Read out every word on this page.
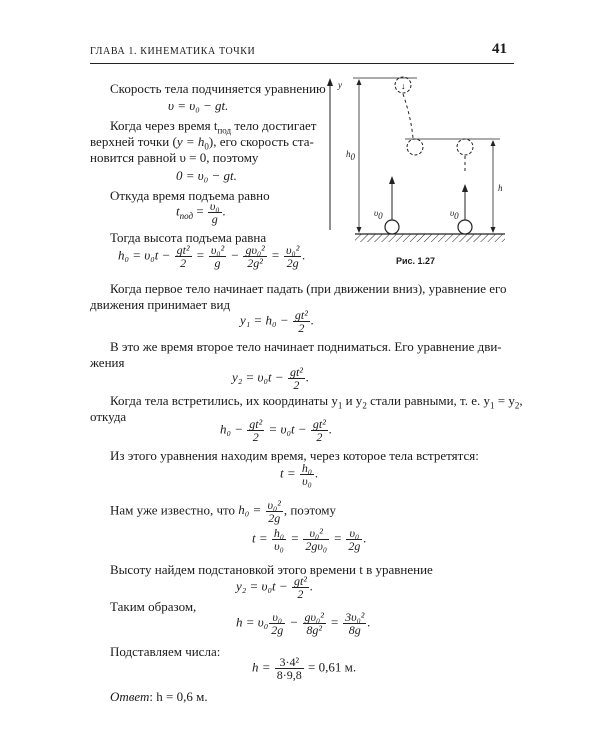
ГЛАВА 1. КИНЕМАТИКА ТОЧКИ	41
↓
y
$h_0$
h
$\upsilon_0$	$\upsilon_0$
Рис. 1.27
Скорость тела подчиняется уравнению
υ = υ₀ − gt.
Когда через время $t_{под}$ тело достигает
верхней точки $(y = h_0)$, его скорость ста-
новится равной υ = 0, поэтому
0 = υ₀ − gt.
Откуда время подъема равно
$t_{под} = \frac{\text{υ₀}}{g}$ .
Тогда высота подъема равна
$h_0 = \upsilon_0t - \frac{\text{gt²}}{2} = \frac{\text{υ₀²}}{g} - \frac{\text{gυ₀²}}{\text{2g²}} = \frac{\text{υ₀²}}{2g}$ .
Когда первое тело начинает падать (при движении вниз), уравнение его
движения принимает вид
$y_1 = h_0 - \frac{\text{gt²}}{2}$ .
В это же время второе тело начинает подниматься. Его уравнение дви-
жения
$y_2 = \upsilon_0t - \frac{\text{gt²}}{2}$ .
Когда тела встретились, их координаты $y_1$ и $y_2$ стали равными, т. е. $y_1 = y_2$,
откуда
$h_0 - \frac{\text{gt²}}{2} = \upsilon_0t - \frac{\text{gt²}}{2}$ .
Из этого уравнения находим время, через которое тела встретятся:
$t = \frac{\text{h₀}}{\text{υ₀}}$ .
Нам уже известно, что $h_0 = \frac{\text{υ₀²}}{2g}$ , поэтому
$t = \frac{\text{h₀}}{\text{υ₀}} = \frac{\text{υ₀²}}{\text{2gυ₀}} = \frac{\text{υ₀}}{2g}$ .
Высоту найдем подстановкой этого времени t в уравнение
$y_2 = \upsilon_0t - \frac{\text{gt²}}{2}$ .
Таким образом,
$h = \upsilon_0 \frac{\text{υ₀}}{2g} - \frac{\text{gυ₀²}}{\text{8g²}} = \frac{\text{3υ₀²}}{8g}$ .
Подставляем числа:
$h = \frac{\text{3·4²}}{8\cdot 9,8} = 0,61$ м.
Ответ: h = 0,6 м.
